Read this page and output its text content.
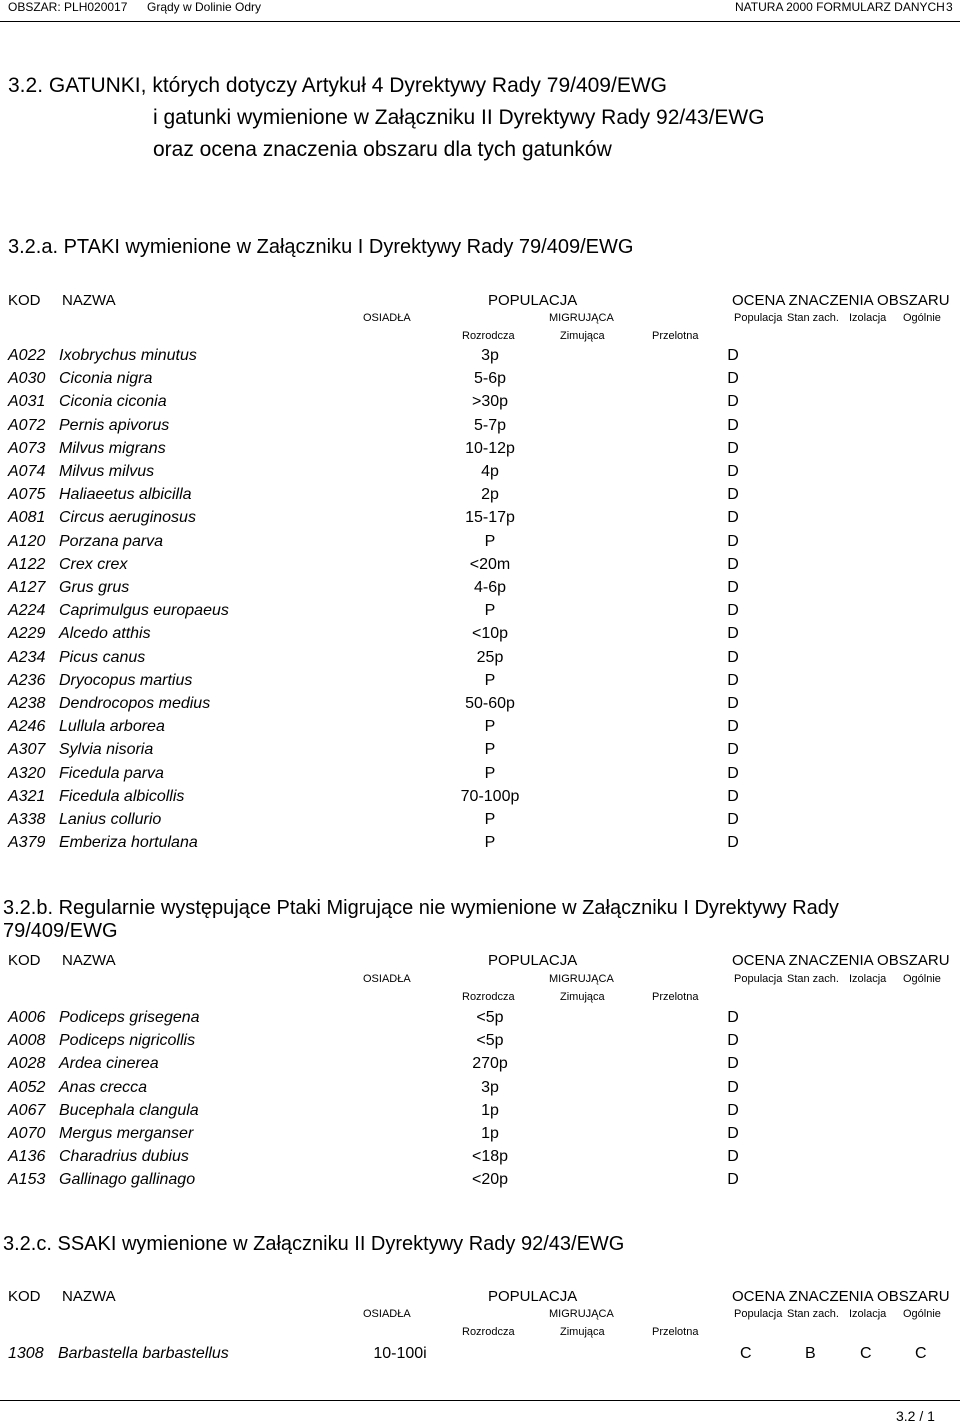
OBSZAR: PLH020017 Grądy w Dolinie Odry	NATURA 2000 FORMULARZ DANYCH 3
3.2. GATUNKI, których dotyczy Artykuł 4 Dyrektywy Rady 79/409/EWG
i gatunki wymienione w Załączniku II Dyrektywy Rady 92/43/EWG
oraz ocena znaczenia obszaru dla tych gatunków
3.2.a. PTAKI wymienione w Załączniku I Dyrektywy Rady 79/409/EWG
KOD NAZWA	POPULACJA	OCENA ZNACZENIA OBSZARU
OSIADŁA	MIGRUJĄCA	Populacja Stan zach. Izolacja Ogólnie
Rozrodcza	Zimująca	Przelotna
A022 Ixobrychus minutus	3p	D
A030 Ciconia nigra	5-6p	D
A031 Ciconia ciconia	>30p	D
A072 Pernis apivorus	5-7p	D
A073 Milvus migrans	10-12p	D
A074 Milvus milvus	4p	D
A075 Haliaeetus albicilla	2p	D
A081 Circus aeruginosus	15-17p	D
A120 Porzana parva	P	D
A122 Crex crex	<20m	D
A127 Grus grus	4-6p	D
A224 Caprimulgus europaeus	P	D
A229 Alcedo atthis	<10p	D
A234 Picus canus	25p	D
A236 Dryocopus martius	P	D
A238 Dendrocopos medius	50-60p	D
A246 Lullula arborea	P	D
A307 Sylvia nisoria	P	D
A320 Ficedula parva	P	D
A321 Ficedula albicollis	70-100p	D
A338 Lanius collurio	P	D
A379 Emberiza hortulana	P	D
3.2.b. Regularnie występujące Ptaki Migrujące nie wymienione w Załączniku I Dyrektywy Rady
79/409/EWG
KOD NAZWA	POPULACJA	OCENA ZNACZENIA OBSZARU
OSIADŁA	MIGRUJĄCA	Populacja Stan zach. Izolacja Ogólnie
Rozrodcza	Zimująca	Przelotna
A006 Podiceps grisegena	<5p	D
A008 Podiceps nigricollis	<5p	D
A028 Ardea cinerea	270p	D
A052 Anas crecca	3p	D
A067 Bucephala clangula	1p	D
A070 Mergus merganser	1p	D
A136 Charadrius dubius	<18p	D
A153 Gallinago gallinago	<20p	D
3.2.c. SSAKI wymienione w Załączniku II Dyrektywy Rady 92/43/EWG
KOD NAZWA	POPULACJA	OCENA ZNACZENIA OBSZARU
OSIADŁA	MIGRUJĄCA	Populacja Stan zach. Izolacja Ogólnie
Rozrodcza	Zimująca	Przelotna
1308 Barbastella barbastellus	10-100i	C	B	C	C
3.2 / 1
